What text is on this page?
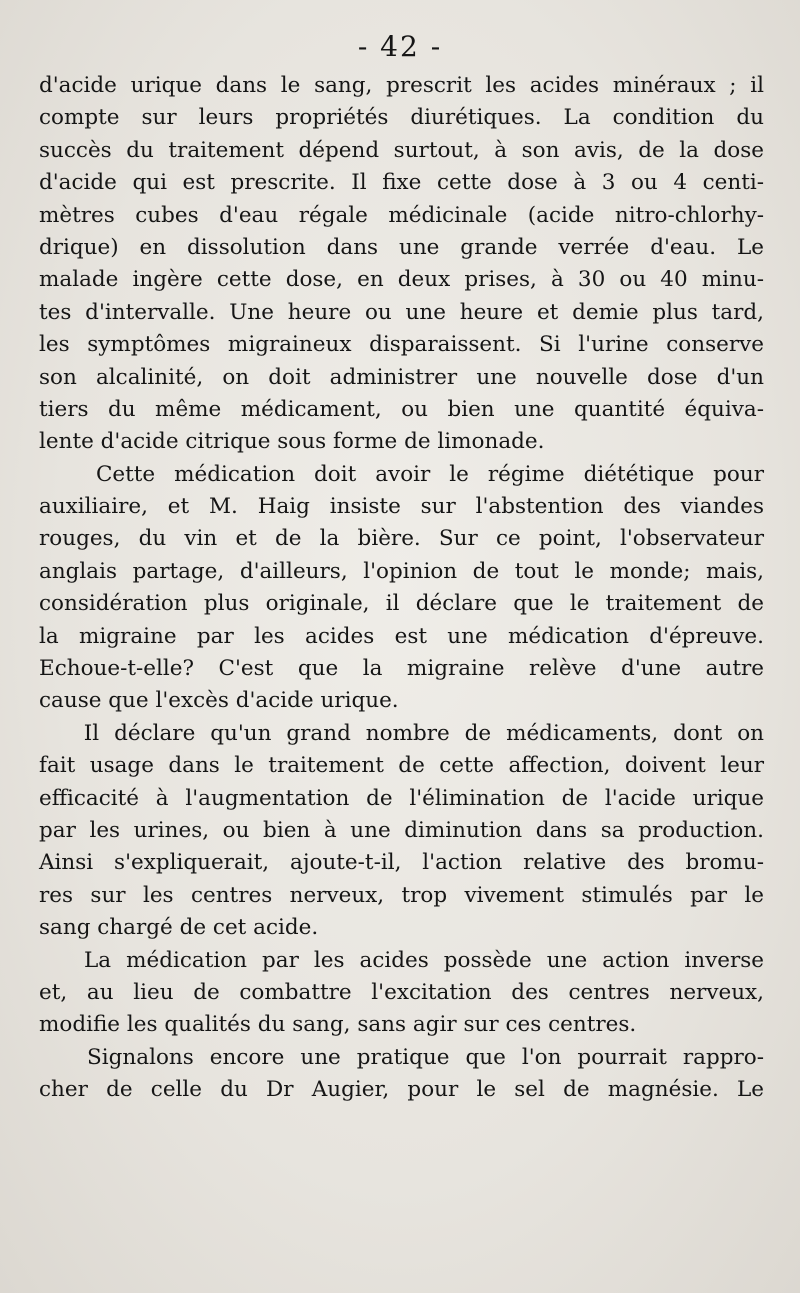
- 42 -
d'acide urique dans le sang, prescrit les acides minéraux ; il
compte sur leurs propriétés diurétiques. La condition du
succès du traitement dépend surtout, à son avis, de la dose
d'acide qui est prescrite. Il fixe cette dose à 3 ou 4 centi-
mètres cubes d'eau régale médicinale (acide nitro-chlorhy-
drique) en dissolution dans une grande verrée d'eau. Le
malade ingère cette dose, en deux prises, à 30 ou 40 minu-
tes d'intervalle. Une heure ou une heure et demie plus tard,
les symptômes migraineux disparaissent. Si l'urine conserve
son alcalinité, on doit administrer une nouvelle dose d'un
tiers du même médicament, ou bien une quantité équiva-
lente d'acide citrique sous forme de limonade.
Cette médication doit avoir le régime diététique pour
auxiliaire, et M. Haig insiste sur l'abstention des viandes
rouges, du vin et de la bière. Sur ce point, l'observateur
anglais partage, d'ailleurs, l'opinion de tout le monde; mais,
considération plus originale, il déclare que le traitement de
la migraine par les acides est une médication d'épreuve.
Echoue-t-elle? C'est que la migraine relève d'une autre
cause que l'excès d'acide urique.
Il déclare qu'un grand nombre de médicaments, dont on
fait usage dans le traitement de cette affection, doivent leur
efficacité à l'augmentation de l'élimination de l'acide urique
par les urines, ou bien à une diminution dans sa production.
Ainsi s'expliquerait, ajoute-t-il, l'action relative des bromu-
res sur les centres nerveux, trop vivement stimulés par le
sang chargé de cet acide.
La médication par les acides possède une action inverse
et, au lieu de combattre l'excitation des centres nerveux,
modifie les qualités du sang, sans agir sur ces centres.
Signalons encore une pratique que l'on pourrait rappro-
cher de celle du Dr Augier, pour le sel de magnésie. Le
